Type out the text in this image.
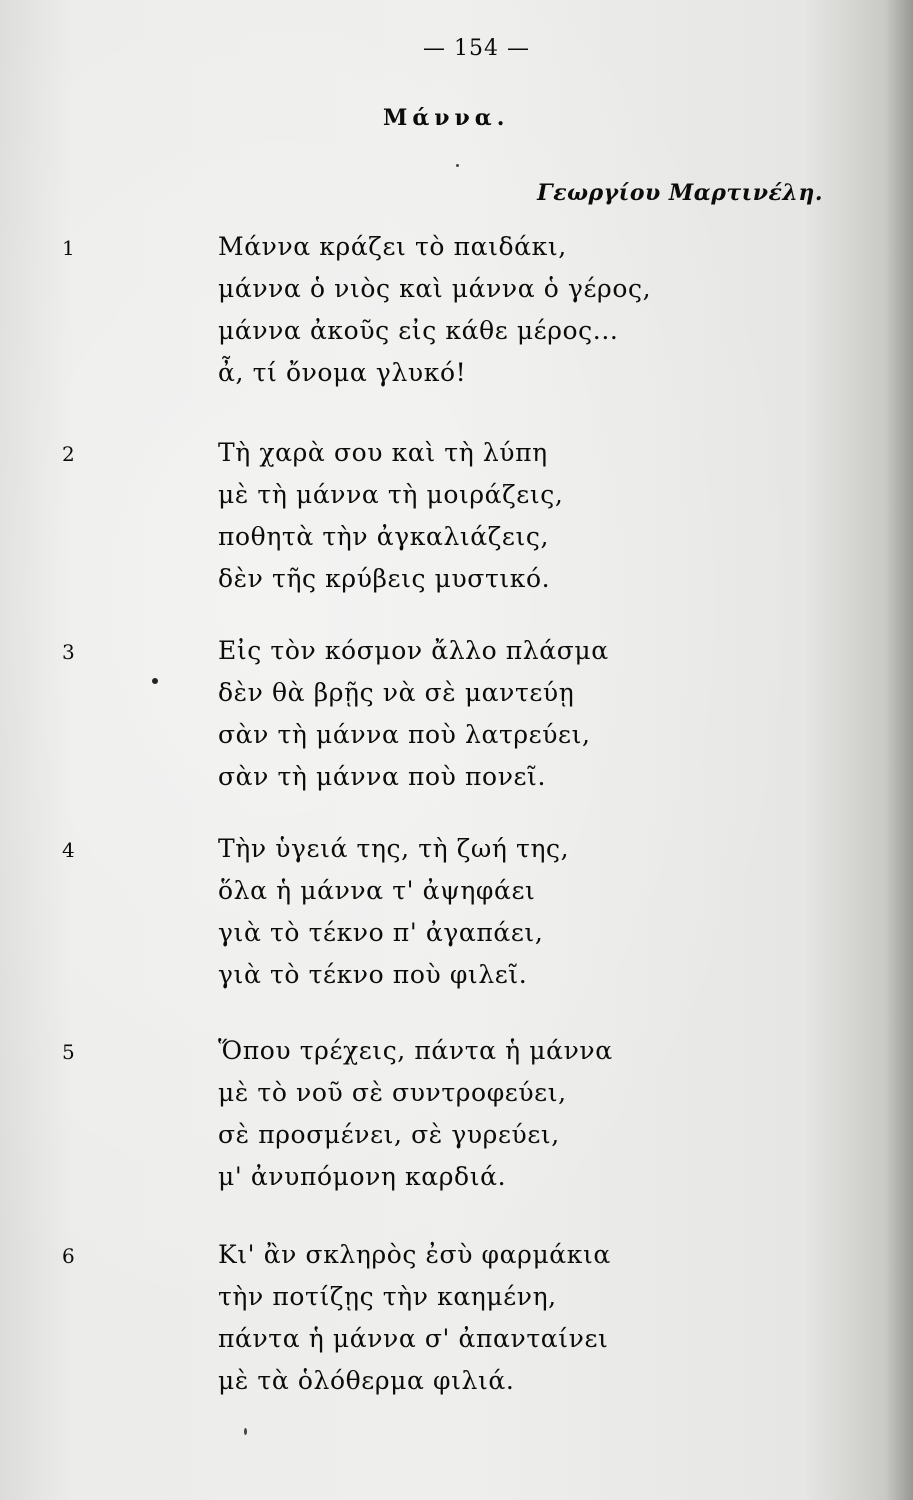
— 154 —
Μάννα.
Γεωργίου Μαρτινέλη.
1	Μάννα κράζει τὸ παιδάκι,
μάννα ὁ νιὸς καὶ μάννα ὁ γέρος,
μάννα ἀκοῦς εἰς κάθε μέρος...
ἆ, τί ὄνομα γλυκό!
2	Τὴ χαρὰ σου καὶ τὴ λύπη
μὲ τὴ μάννα τὴ μοιράζεις,
ποθητὰ τὴν ἀγκαλιάζεις,
δὲν τῆς κρύβεις μυστικό.
3	Εἰς τὸν κόσμον ἄλλο πλάσμα
δὲν θὰ βρῇς νὰ σὲ μαντεύῃ
σὰν τὴ μάννα ποὺ λατρεύει,
σὰν τὴ μάννα ποὺ πονεῖ.
4	Τὴν ὑγειά της, τὴ ζωή της,
ὅλα ἡ μάννα τ' ἀψηφάει
γιὰ τὸ τέκνο π' ἀγαπάει,
γιὰ τὸ τέκνο ποὺ φιλεῖ.
5	Ὅπου τρέχεις, πάντα ἡ μάννα
μὲ τὸ νοῦ σὲ συντροφεύει,
σὲ προσμένει, σὲ γυρεύει,
μ' ἀνυπόμονη καρδιά.
6	Κι' ἂν σκληρὸς ἐσὺ φαρμάκια
τὴν ποτίζῃς τὴν καημένη,
πάντα ἡ μάννα σ' ἀπανταίνει
μὲ τὰ ὁλόθερμα φιλιά.
